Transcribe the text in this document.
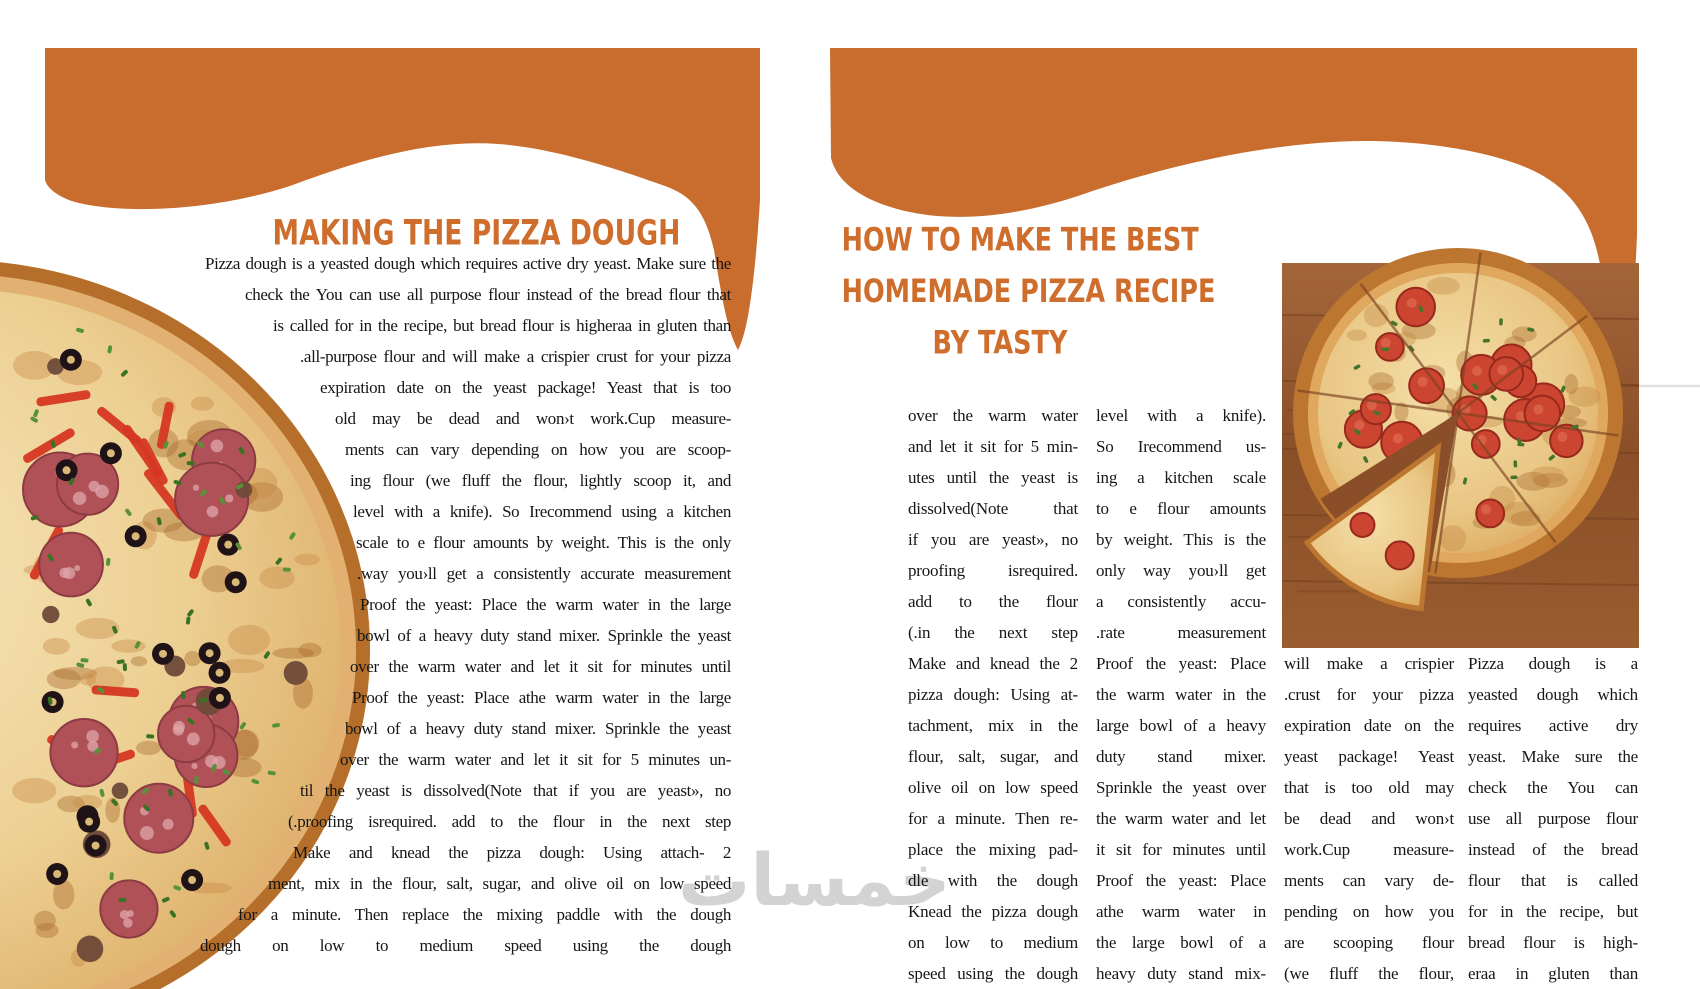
خمسات
MAKING THE PIZZA DOUGH
Pizza dough is a yeasted dough which requires active dry yeast. Make sure the
check the You can use all purpose flour instead of the bread flour that
is called for in the recipe, but bread flour is higheraa in gluten than
.all-purpose flour and will make a crispier crust for your pizza
expiration date on the yeast package! Yeast that is too
old may be dead and won›t work.Cup measure-
ments can vary depending on how you are scoop-
ing flour (we fluff the flour, lightly scoop it, and
level with a knife). So Irecommend using a kitchen
scale to e flour amounts by weight. This is the only
.way you›ll get a consistently accurate measurement
Proof the yeast: Place the warm water in the large
bowl of a heavy duty stand mixer. Sprinkle the yeast
over the warm water and let it sit for minutes until
Proof the yeast: Place athe warm water in the large
bowl of a heavy duty stand mixer. Sprinkle the yeast
over the warm water and let it sit for 5 minutes un-
til the yeast is dissolved(Note that if you are yeast», no
(.proofing isrequired. add to the flour in the next step
Make and knead the pizza dough: Using attach- 2
ment, mix in the flour, salt, sugar, and olive oil on low speed
for a minute. Then replace the mixing paddle with the dough
dough on low to medium speed using the dough
HOW TO MAKE THE BEST
HOMEMADE PIZZA RECIPE
BY TASTY
over the warm water
and let it sit for 5 min-
utes until the yeast is
dissolved(Note that
if you are yeast», no
proofing isrequired.
add to the flour
(.in the next step
Make and knead the 2
pizza dough: Using at-
tachment, mix in the
flour, salt, sugar, and
olive oil on low speed
for a minute. Then re-
place the mixing pad-
dle with the dough
Knead the pizza dough
on low to medium
speed using the dough
level with a knife).
So Irecommend us-
ing a kitchen scale
to e flour amounts
by weight. This is the
only way you›ll get
a consistently accu-
.rate measurement
Proof the yeast: Place
the warm water in the
large bowl of a heavy
duty stand mixer.
Sprinkle the yeast over
the warm water and let
it sit for minutes until
Proof the yeast: Place
athe warm water in
the large bowl of a
heavy duty stand mix-
will make a crispier
.crust for your pizza
expiration date on the
yeast package! Yeast
that is too old may
be dead and won›t
work.Cup measure-
ments can vary de-
pending on how you
are scooping flour
(we fluff the flour,
Pizza dough is a
yeasted dough which
requires active dry
yeast. Make sure the
check the You can
use all purpose flour
instead of the bread
flour that is called
for in the recipe, but
bread flour is high-
eraa in gluten than
